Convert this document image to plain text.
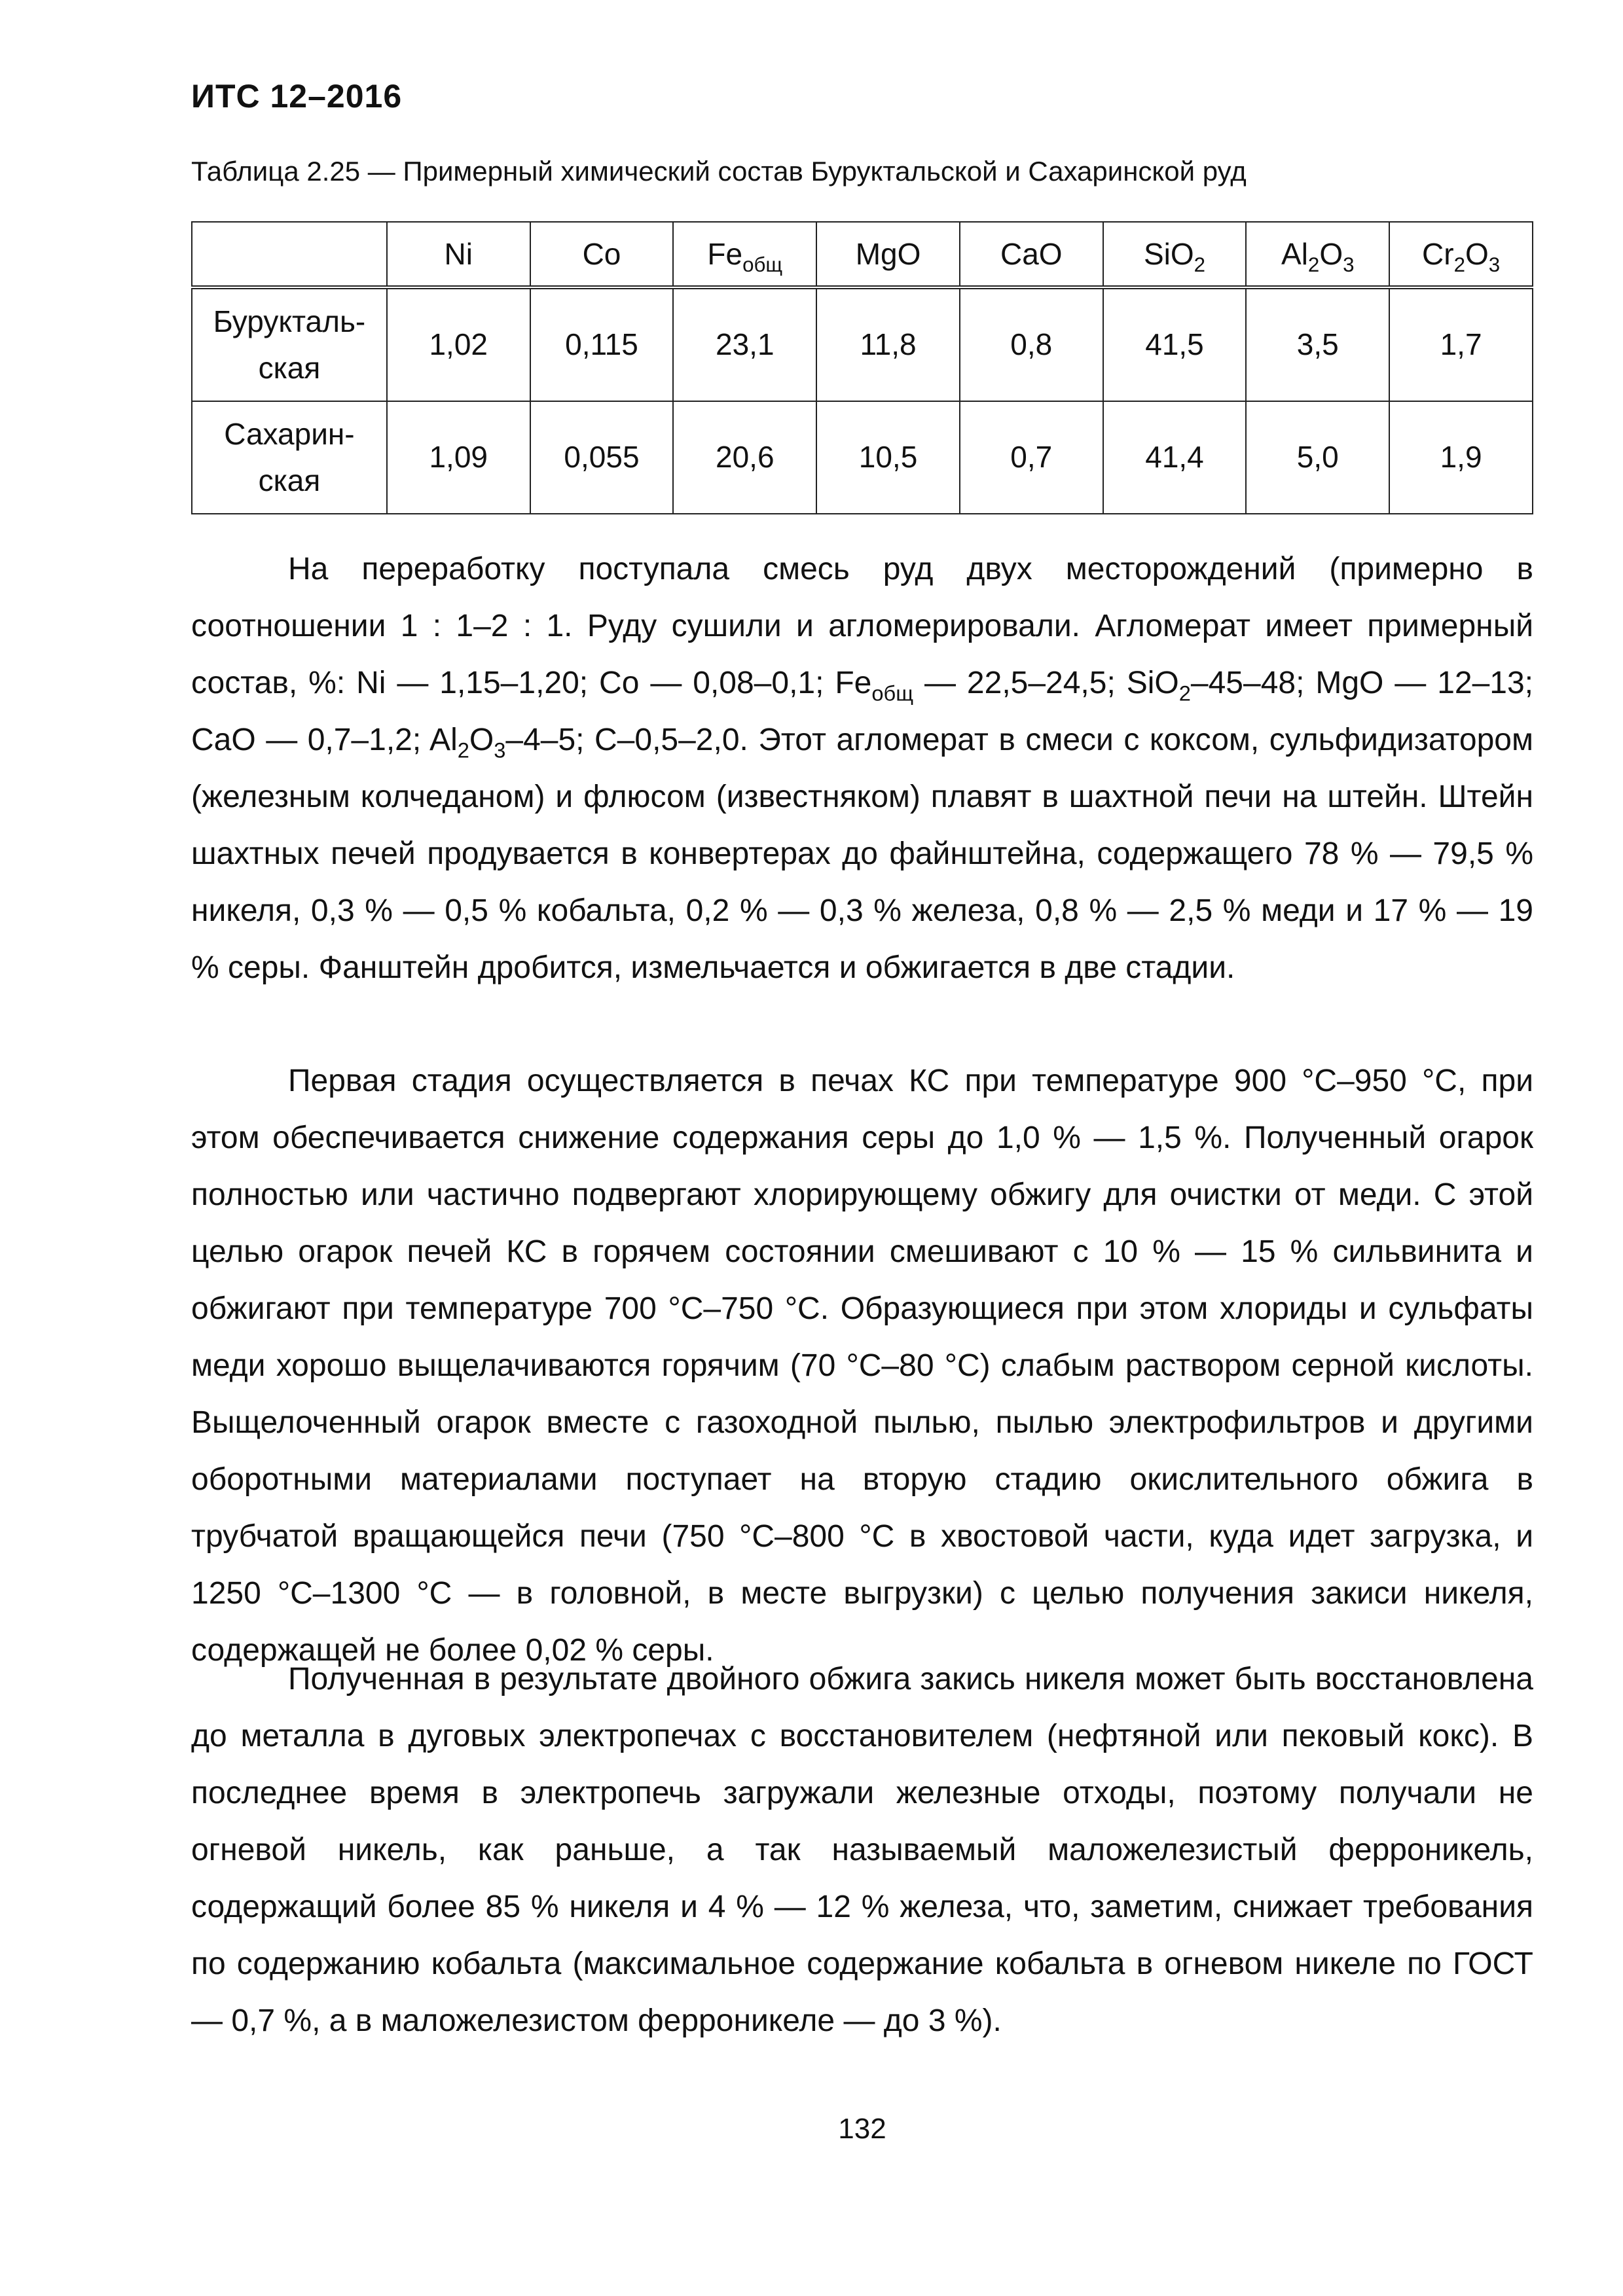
ИТС 12–2016
Таблица 2.25 — Примерный химический состав Буруктальской и Сахаринской руд
	Ni	Co	$Fe_{общ}$	MgO	CaO	SiO$_2$	$Al_2O_3$	$Cr_2O_3$
Бурукталь-
ская	1,02	0,115	23,1	11,8	0,8	41,5	3,5	1,7
Сахарин-
ская	1,09	0,055	20,6	10,5	0,7	41,4	5,0	1,9

На переработку поступала смесь руд двух месторождений (примерно в соотношении 1 : 1–2 : 1. Руду сушили и агломерировали. Агломерат имеет примерный состав, %: Ni — 1,15–1,20; Co — 0,08–0,1; $Fe_{общ}$ — 22,5–24,5; SiO$_2$–45–48; MgO — 12–13; CaO — 0,7–1,2; $Al_2O_3-4-5$; C–0,5–2,0. Этот агломерат в смеси с коксом, сульфидизатором (железным колчеданом) и флюсом (известняком) плавят в шахтной печи на штейн. Штейн шахтных печей продувается в конвертерах до файнштейна, содержащего 78 % — 79,5 % никеля, 0,3 % — 0,5 % кобальта, 0,2 % — 0,3 % железа, 0,8 % — 2,5 % меди и 17 % — 19 % серы. Фанштейн дробится, измельчается и обжигается в две стадии.

Первая стадия осуществляется в печах КС при температуре 900 °С–950 °С, при этом обеспечивается снижение содержания серы до 1,0 % — 1,5 %. Полученный огарок полностью или частично подвергают хлорирующему обжигу для очистки от меди. С этой целью огарок печей КС в горячем состоянии смешивают с 10 % — 15 % сильвинита и обжигают при температуре 700 °С–750 °С. Образующиеся при этом хлориды и сульфаты меди хорошо выщелачиваются горячим (70 °С–80 °С) слабым раствором серной кислоты. Выщелоченный огарок вместе с газоходной пылью, пылью электрофильтров и другими оборотными материалами поступает на вторую стадию окислительного обжига в трубчатой вращающейся печи (750 °С–800 °С в хвостовой части, куда идет загрузка, и 1250 °С–1300 °С — в головной, в месте выгрузки) с целью получения закиси никеля, содержащей не более 0,02 % серы.

Полученная в результате двойного обжига закись никеля может быть восстановлена до металла в дуговых электропечах с восстановителем (нефтяной или пековый кокс). В последнее время в электропечь загружали железные отходы, поэтому получали не огневой никель, как раньше, а так называемый маложелезистый ферроникель, содержащий более 85 % никеля и 4 % — 12 % железа, что, заметим, снижает требования по содержанию кобальта (максимальное содержание кобальта в огневом никеле по ГОСТ — 0,7 %, а в маложелезистом ферроникеле — до 3 %).

132
